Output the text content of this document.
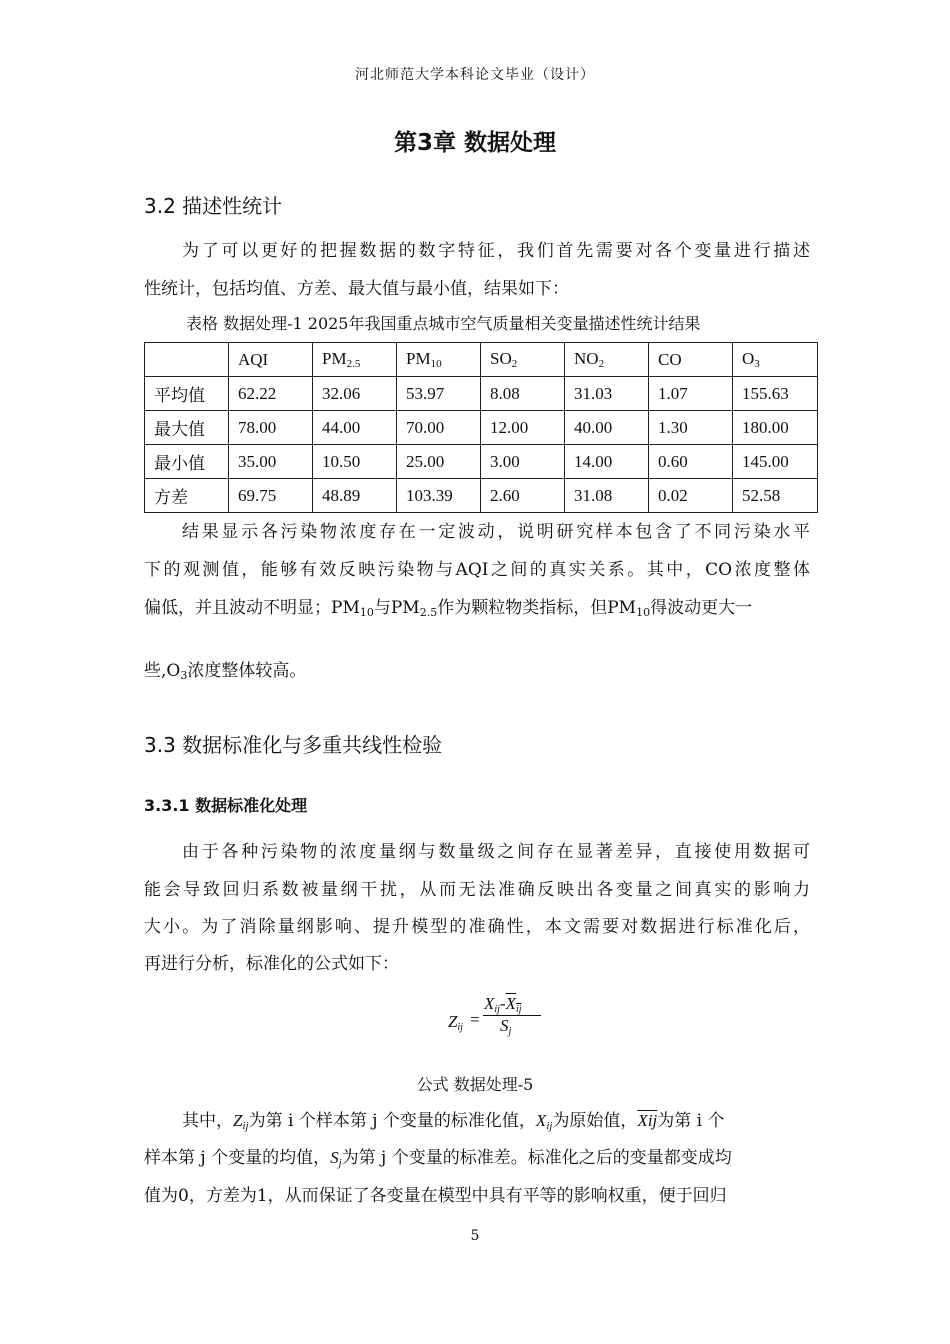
河北师范大学本科论文毕业（设计）
第3章 数据处理
3.2 描述性统计
为了可以更好的把握数据的数字特征，我们首先需要对各个变量进行描述
性统计，包括均值、方差、最大值与最小值，结果如下：
表格 数据处理-1 2025年我国重点城市空气质量相关变量描述性统计结果
	AQI	$PM_{2.5}$	$PM_{10}$	$SO_2$	$NO_2$	CO	$O_3$
平均值	62.22	32.06	53.97	8.08	31.03	1.07	155.63
最大值	78.00	44.00	70.00	12.00	40.00	1.30	180.00
最小值	35.00	10.50	25.00	3.00	14.00	0.60	145.00
方差	69.75	48.89	103.39	2.60	31.08	0.02	52.58
结果显示各污染物浓度存在一定波动，说明研究样本包含了不同污染水平
下的观测值，能够有效反映污染物与AQI之间的真实关系。其中，CO浓度整体
偏低，并且波动不明显；$PM_{10}$与$PM_{2.5}$作为颗粒物类指标，但$PM_{10}$得波动更大一
些$,O_3$浓度整体较高。
3.3 数据标准化与多重共线性检验
3.3.1 数据标准化处理
由于各种污染物的浓度量纲与数量级之间存在显著差异，直接使用数据可
能会导致回归系数被量纲干扰，从而无法准确反映出各变量之间真实的影响力
大小。为了消除量纲影响、提升模型的准确性，本文需要对数据进行标准化后，
再进行分析，标准化的公式如下：
$Z_{ij}$ =
$X_{ij}-X_{ij}$
$S_j$
公式 数据处理-5
其中，$Z_{ij}$为第 i 个样本第 j 个变量的标准化值，$X_{ij}$为原始值，$\overline{Xij}$为第 i 个
样本第 j 个变量的均值，$S_j$为第 j 个变量的标准差。标准化之后的变量都变成均
值为0，方差为1，从而保证了各变量在模型中具有平等的影响权重，便于回归
5
